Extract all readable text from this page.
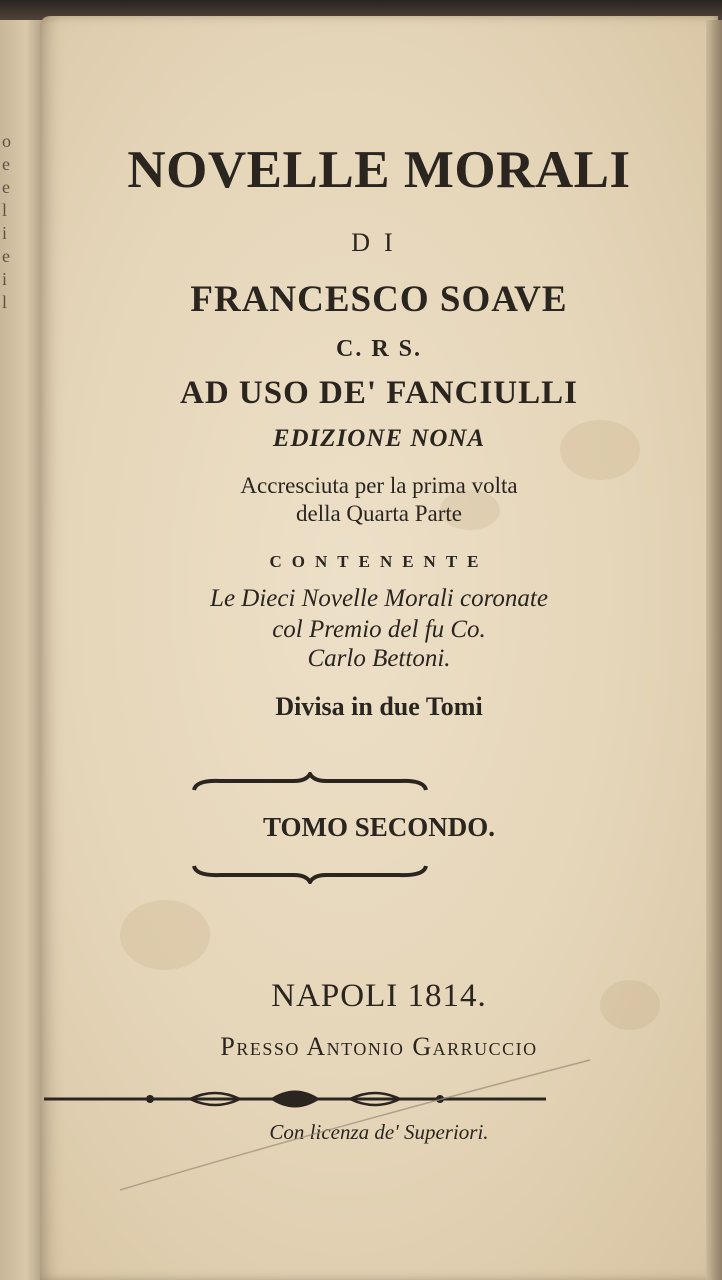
o
e
e
l
i
e
i
l
NOVELLE MORALI
DI
FRANCESCO SOAVE
C. R S.
AD USO DE' FANCIULLI
EDIZIONE NONA
Accresciuta per la prima volta
della Quarta Parte
CONTENENTE
Le Dieci Novelle Morali coronate
col Premio del fu Co.
Carlo Bettoni.
Divisa in due Tomi
TOMO SECONDO.
NAPOLI 1814.
Presso Antonio Garruccio
Con licenza de' Superiori.
